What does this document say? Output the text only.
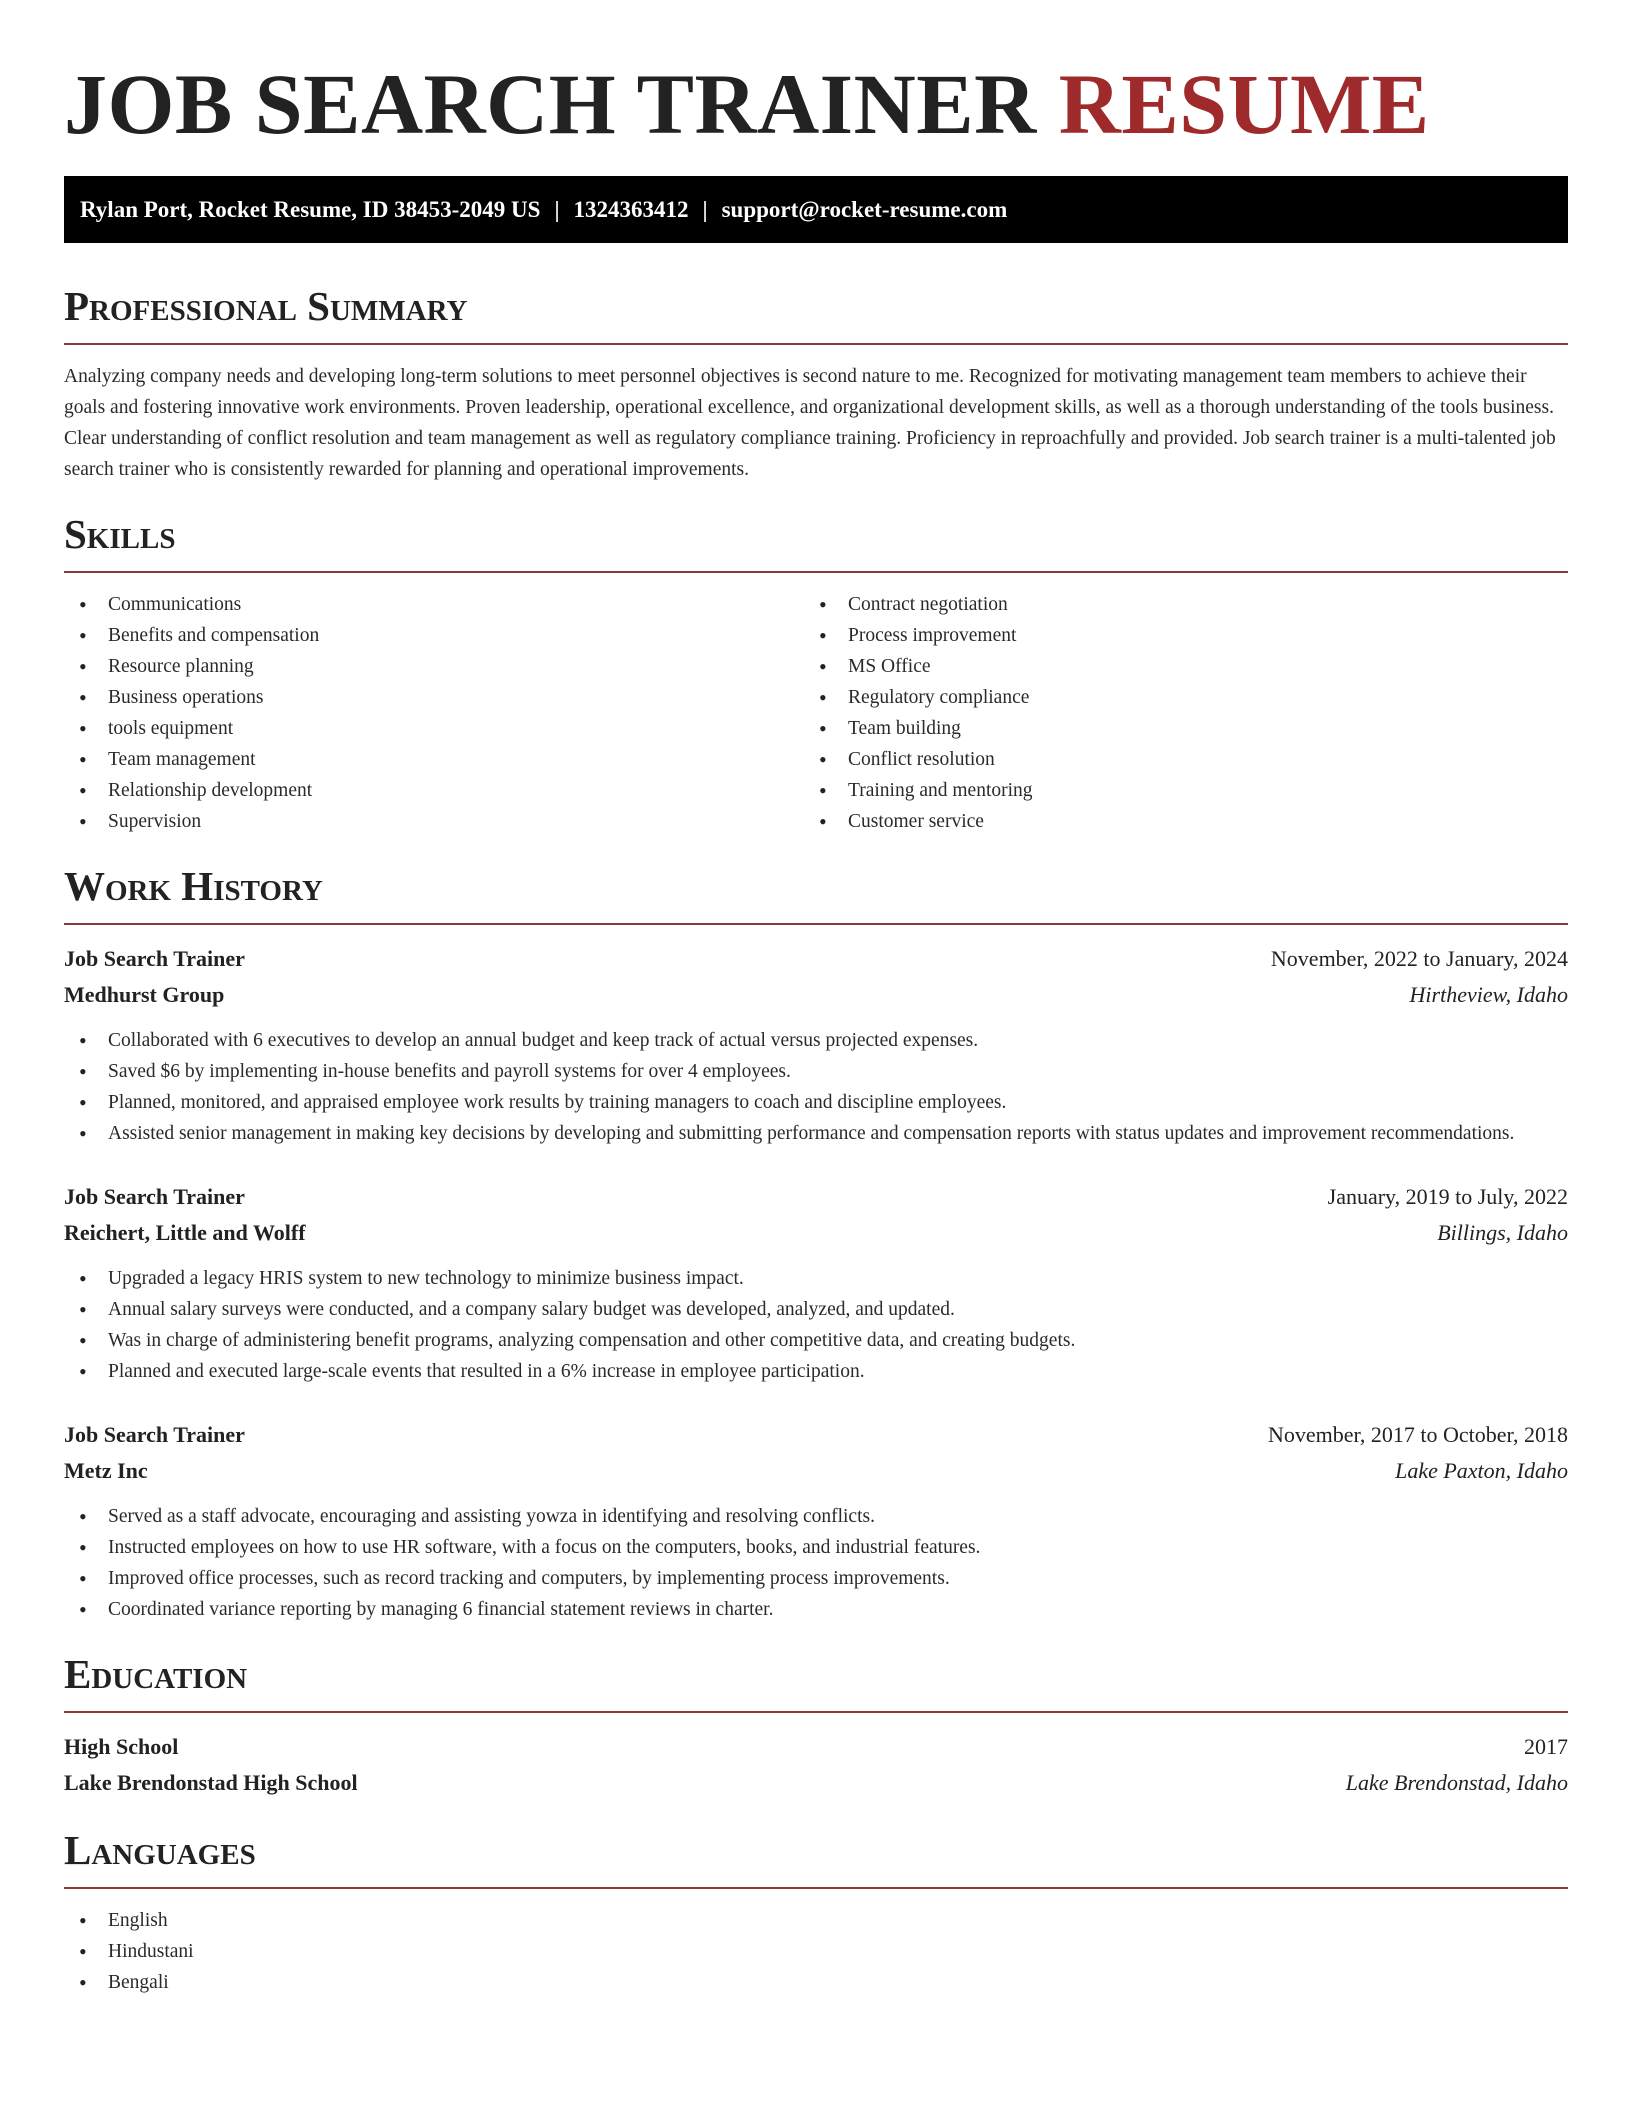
JOB SEARCH TRAINER RESUME
Rylan Port, Rocket Resume, ID 38453-2049 US | 1324363412 | support@rocket-resume.com
Professional Summary

Analyzing company needs and developing long-term solutions to meet personnel objectives is second nature to me. Recognized for motivating management team members to achieve their goals and fostering innovative work environments. Proven leadership, operational excellence, and organizational development skills, as well as a thorough understanding of the tools business. Clear understanding of conflict resolution and team management as well as regulatory compliance training. Proficiency in reproachfully and provided. Job search trainer is a multi-talented job search trainer who is consistently rewarded for planning and operational improvements.

Skills
• Communications
• Benefits and compensation
• Resource planning
• Business operations
• tools equipment
• Team management
• Relationship development
• Supervision
• Contract negotiation
• Process improvement
• MS Office
• Regulatory compliance
• Team building
• Conflict resolution
• Training and mentoring
• Customer service
Work History
Job Search Trainer	November, 2022 to January, 2024
Medhurst Group	Hirtheview, Idaho
• Collaborated with 6 executives to develop an annual budget and keep track of actual versus projected expenses.
• Saved $6 by implementing in-house benefits and payroll systems for over 4 employees.
• Planned, monitored, and appraised employee work results by training managers to coach and discipline employees.
• Assisted senior management in making key decisions by developing and submitting performance and compensation reports with status updates and improvement recommendations.
Job Search Trainer	January, 2019 to July, 2022
Reichert, Little and Wolff	Billings, Idaho
• Upgraded a legacy HRIS system to new technology to minimize business impact.
• Annual salary surveys were conducted, and a company salary budget was developed, analyzed, and updated.
• Was in charge of administering benefit programs, analyzing compensation and other competitive data, and creating budgets.
• Planned and executed large-scale events that resulted in a 6% increase in employee participation.
Job Search Trainer	November, 2017 to October, 2018
Metz Inc	Lake Paxton, Idaho
• Served as a staff advocate, encouraging and assisting yowza in identifying and resolving conflicts.
• Instructed employees on how to use HR software, with a focus on the computers, books, and industrial features.
• Improved office processes, such as record tracking and computers, by implementing process improvements.
• Coordinated variance reporting by managing 6 financial statement reviews in charter.
Education
High School	2017
Lake Brendonstad High School	Lake Brendonstad, Idaho
Languages
• English
• Hindustani
• Bengali
